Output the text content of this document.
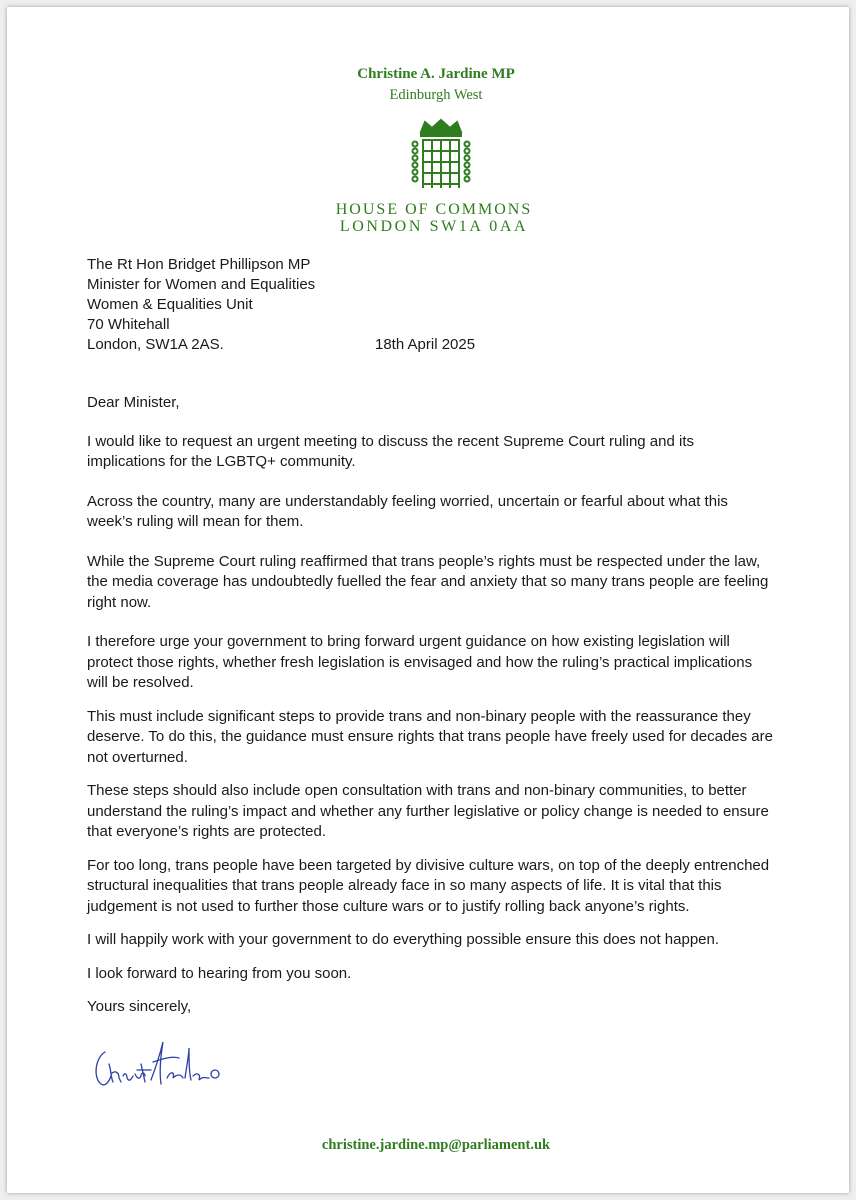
Christine A. Jardine MP
Edinburgh West
HOUSE OF COMMONS
LONDON SW1A 0AA
The Rt Hon Bridget Phillipson MP
Minister for Women and Equalities
Women & Equalities Unit
70 Whitehall
London, SW1A 2AS.	18th April 2025
Dear Minister,
I would like to request an urgent meeting to discuss the recent Supreme Court ruling and its
implications for the LGBTQ+ community.
Across the country, many are understandably feeling worried, uncertain or fearful about what this
week’s ruling will mean for them.
While the Supreme Court ruling reaffirmed that trans people’s rights must be respected under the law,
the media coverage has undoubtedly fuelled the fear and anxiety that so many trans people are feeling
right now.
I therefore urge your government to bring forward urgent guidance on how existing legislation will
protect those rights, whether fresh legislation is envisaged and how the ruling’s practical implications
will be resolved.
This must include significant steps to provide trans and non-binary people with the reassurance they
deserve. To do this, the guidance must ensure rights that trans people have freely used for decades are
not overturned.
These steps should also include open consultation with trans and non-binary communities, to better
understand the ruling’s impact and whether any further legislative or policy change is needed to ensure
that everyone’s rights are protected.
For too long, trans people have been targeted by divisive culture wars, on top of the deeply entrenched
structural inequalities that trans people already face in so many aspects of life. It is vital that this
judgement is not used to further those culture wars or to justify rolling back anyone’s rights.
I will happily work with your government to do everything possible ensure this does not happen.
I look forward to hearing from you soon.
Yours sincerely,
christine.jardine.mp@parliament.uk
